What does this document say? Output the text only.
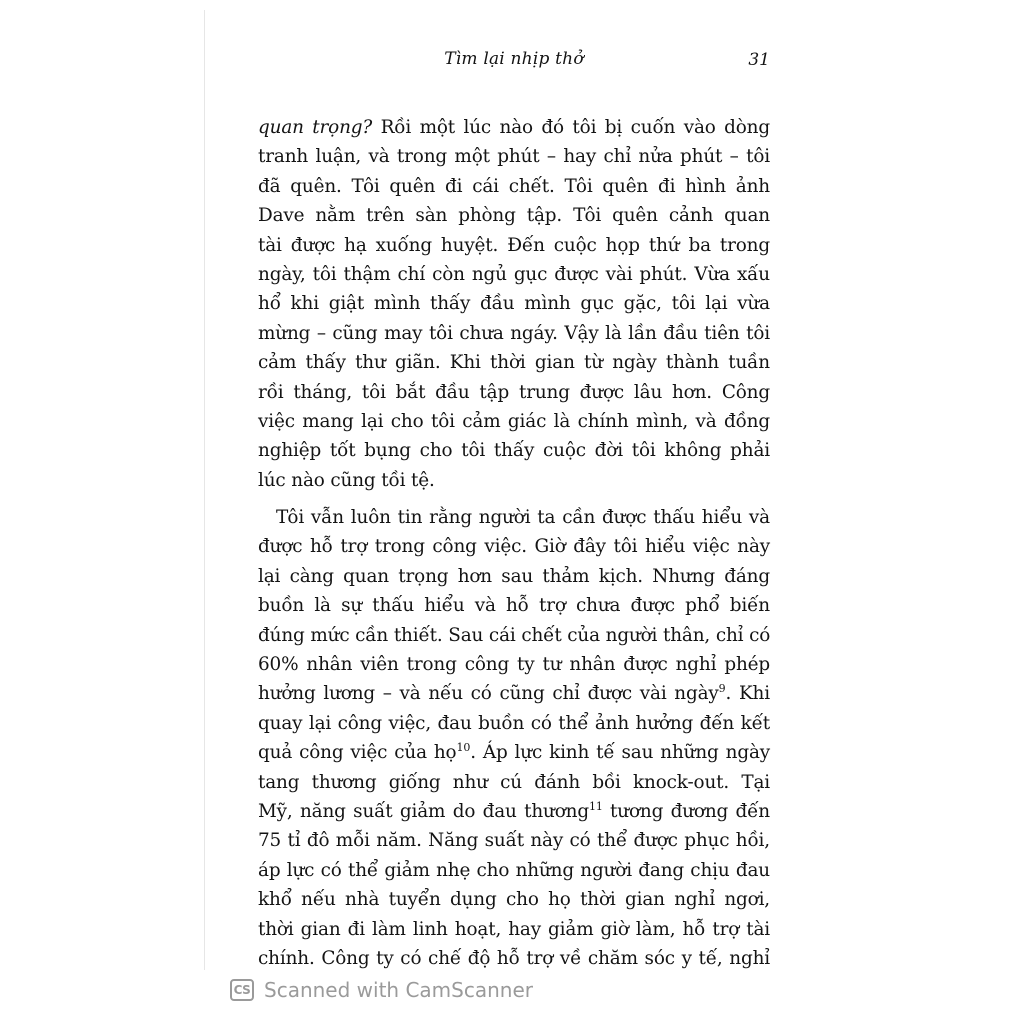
Tìm lại nhịp thở	31
quan trọng? Rồi một lúc nào đó tôi bị cuốn vào dòng
tranh luận, và trong một phút – hay chỉ nửa phút – tôi
đã quên. Tôi quên đi cái chết. Tôi quên đi hình ảnh
Dave nằm trên sàn phòng tập. Tôi quên cảnh quan
tài được hạ xuống huyệt. Đến cuộc họp thứ ba trong
ngày, tôi thậm chí còn ngủ gục được vài phút. Vừa xấu
hổ khi giật mình thấy đầu mình gục gặc, tôi lại vừa
mừng – cũng may tôi chưa ngáy. Vậy là lần đầu tiên tôi
cảm thấy thư giãn. Khi thời gian từ ngày thành tuần
rồi tháng, tôi bắt đầu tập trung được lâu hơn. Công
việc mang lại cho tôi cảm giác là chính mình, và đồng
nghiệp tốt bụng cho tôi thấy cuộc đời tôi không phải
lúc nào cũng tồi tệ.
Tôi vẫn luôn tin rằng người ta cần được thấu hiểu và
được hỗ trợ trong công việc. Giờ đây tôi hiểu việc này
lại càng quan trọng hơn sau thảm kịch. Nhưng đáng
buồn là sự thấu hiểu và hỗ trợ chưa được phổ biến
đúng mức cần thiết. Sau cái chết của người thân, chỉ có
60% nhân viên trong công ty tư nhân được nghỉ phép
hưởng lương – và nếu có cũng chỉ được vài ngày$^9$. Khi
quay lại công việc, đau buồn có thể ảnh hưởng đến kết
quả công việc của họ$^{10}$. Áp lực kinh tế sau những ngày
tang thương giống như cú đánh bồi knock-out. Tại
Mỹ, năng suất giảm do đau thương$^{11}$ tương đương đến
75 tỉ đô mỗi năm. Năng suất này có thể được phục hồi,
áp lực có thể giảm nhẹ cho những người đang chịu đau
khổ nếu nhà tuyển dụng cho họ thời gian nghỉ ngơi,
thời gian đi làm linh hoạt, hay giảm giờ làm, hỗ trợ tài
chính. Công ty có chế độ hỗ trợ về chăm sóc y tế, nghỉ
CS Scanned with CamScanner
